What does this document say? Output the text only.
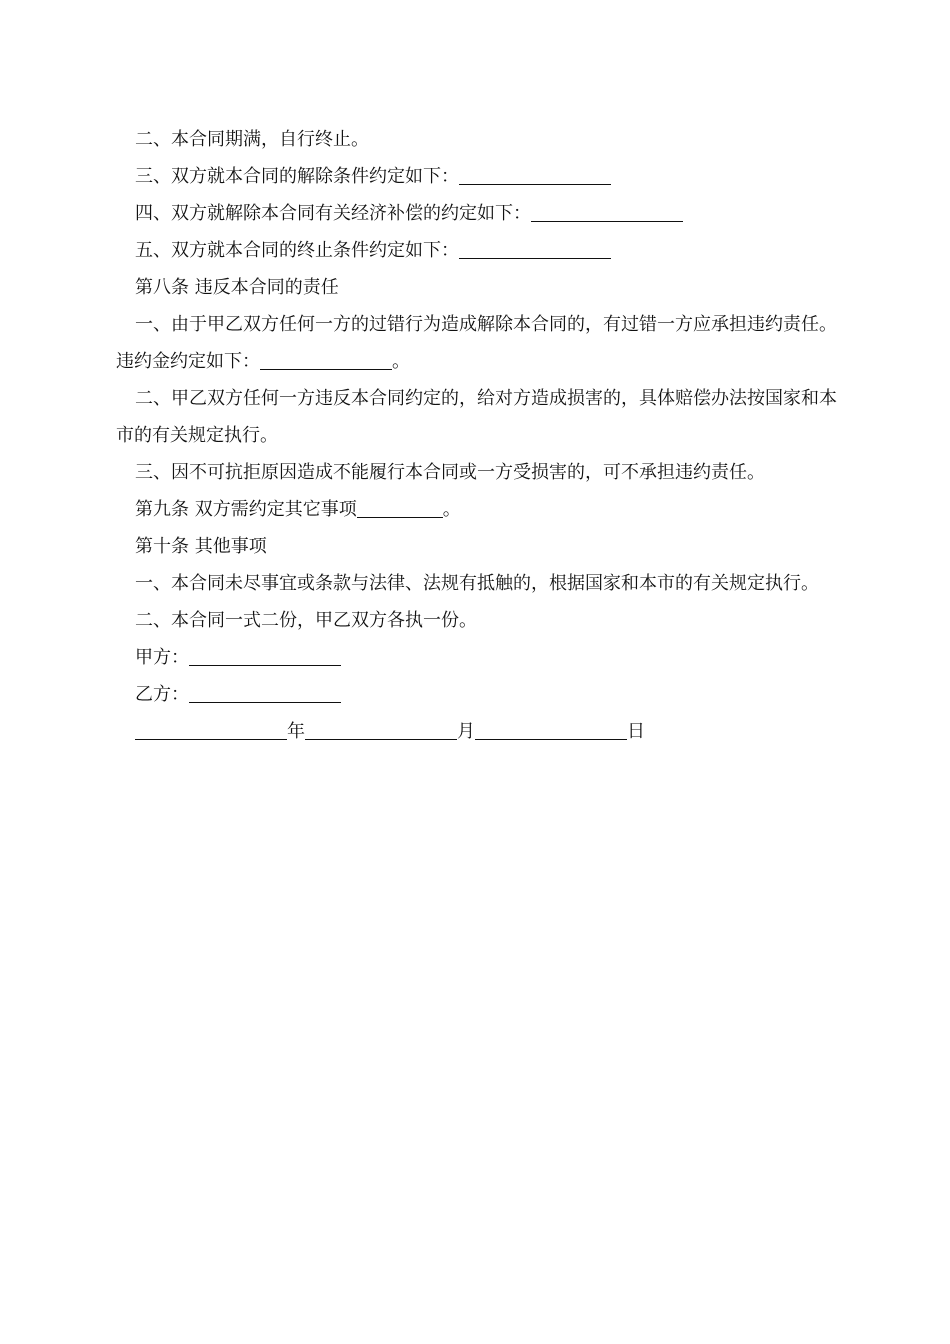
二、本合同期满，自行终止。

三、双方就本合同的解除条件约定如下：

四、双方就解除本合同有关经济补偿的约定如下：

五、双方就本合同的终止条件约定如下：

第八条 违反本合同的责任

一、由于甲乙双方任何一方的过错行为造成解除本合同的，有过错一方应承担违约责任。违约金约定如下：	。

二、甲乙双方任何一方违反本合同约定的，给对方造成损害的，具体赔偿办法按国家和本市的有关规定执行。

三、因不可抗拒原因造成不能履行本合同或一方受损害的，可不承担违约责任。

第九条 双方需约定其它事项	。

第十条 其他事项

一、本合同未尽事宜或条款与法律、法规有抵触的，根据国家和本市的有关规定执行。

二、本合同一式二份，甲乙双方各执一份。

甲方：

乙方：

年	月	日
